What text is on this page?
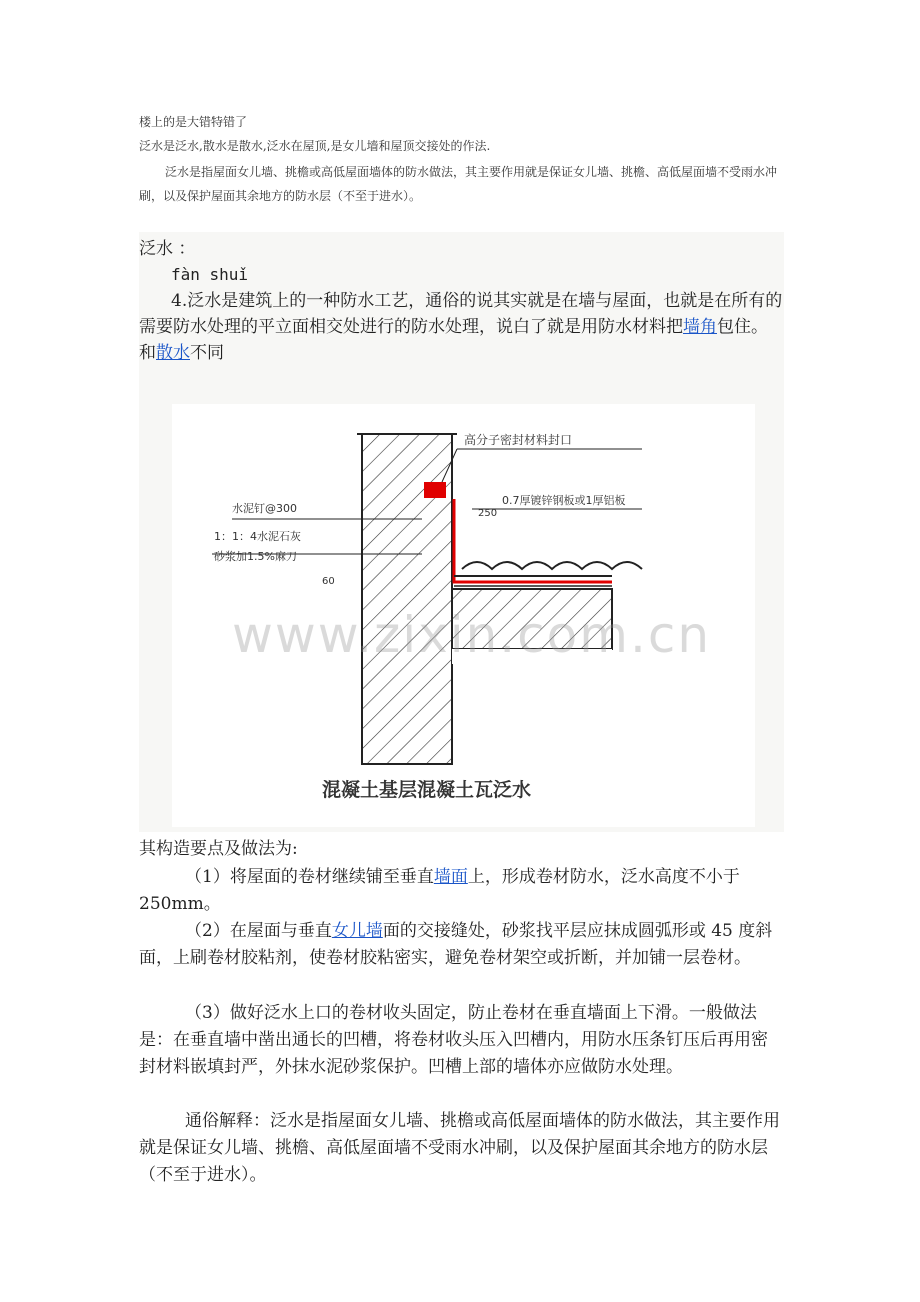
楼上的是大错特错了
泛水是泛水,散水是散水,泛水在屋顶,是女儿墙和屋顶交接处的作法.
泛水是指屋面女儿墙、挑檐或高低屋面墙体的防水做法，其主要作用就是保证女儿墙、挑檐、高低屋面墙不受雨水冲刷，以及保护屋面其余地方的防水层（不至于进水）。
泛水 ：
fàn shuǐ
4.泛水是建筑上的一种防水工艺，通俗的说其实就是在墙与屋面，也就是在所有的需要防水处理的平立面相交处进行的防水处理，说白了就是用防水材料把墙角包住。　和散水不同
高分子密封材料封口
0.7厚镀锌钢板或1厚铝板
水泥钉@300
1：1：4水泥石灰
砂浆加1.5%麻刀
250
60
混凝土基层混凝土瓦泛水
www.zixin.com.cn
其构造要点及做法为:
（1）将屋面的卷材继续铺至垂直墙面上，形成卷材防水，泛水高度不小于 250mm。
（2）在屋面与垂直女儿墙面的交接缝处，砂浆找平层应抹成圆弧形或 45 度斜面，上刷卷材胶粘剂，使卷材胶粘密实，避免卷材架空或折断，并加铺一层卷材。
（3）做好泛水上口的卷材收头固定，防止卷材在垂直墙面上下滑。一般做法是：在垂直墙中凿出通长的凹槽，将卷材收头压入凹槽内，用防水压条钉压后再用密封材料嵌填封严，外抹水泥砂浆保护。凹槽上部的墙体亦应做防水处理。
通俗解释：泛水是指屋面女儿墙、挑檐或高低屋面墙体的防水做法，其主要作用就是保证女儿墙、挑檐、高低屋面墙不受雨水冲刷，以及保护屋面其余地方的防水层（不至于进水）。
